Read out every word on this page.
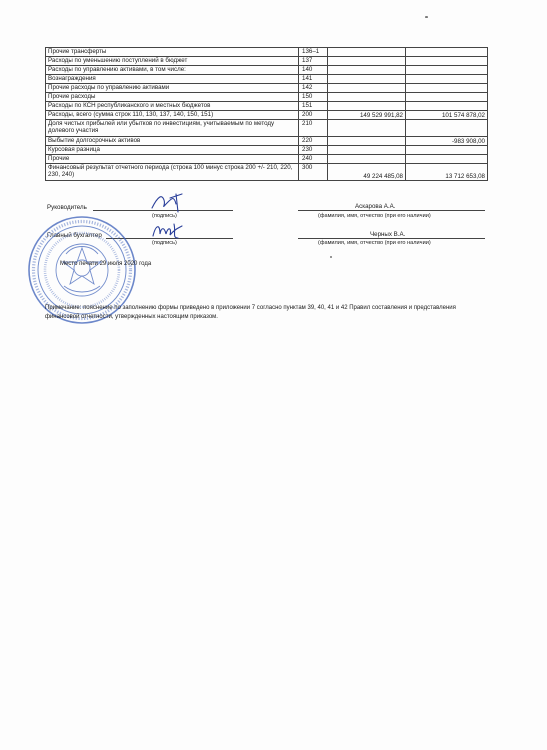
Прочие трансферты	136–1		
Расходы по уменьшению поступлений в бюджет	137		
Расходы по управлению активами, в том числе:	140		
Вознаграждения	141		
Прочие расходы по управлению активами	142		
Прочие расходы	150		
Расходы по КСН республиканского и местных бюджетов	151		
Расходы, всего (сумма строк 110, 130, 137, 140, 150, 151)	200	149 529 991,82	101 574 878,02
Доля чистых прибылей или убытков по инвестициям, учитываемым по методу долевого участия	210		
Выбытие долгосрочных активов	220		-983 908,00
Курсовая разница	230		
Прочие	240		
Финансовый результат отчетного периода (строка 100 минус строка 200 +/- 210, 220, 230, 240)	300	49 224 485,08	13 712 653,08
Руководитель
(подпись)
Аскарова А.А.
(фамилия, имя, отчество (при его наличии)
Главный бухгалтер
(подпись)
Черных В.А.
(фамилия, имя, отчество (при его наличии)
Место печати 29 июля 2020 года

Примечание: пояснение по заполнению формы приведено в приложении 7 согласно пунктам 39, 40, 41 и 42 Правил составления и представления финансовой отчетности, утвержденных настоящим приказом.
